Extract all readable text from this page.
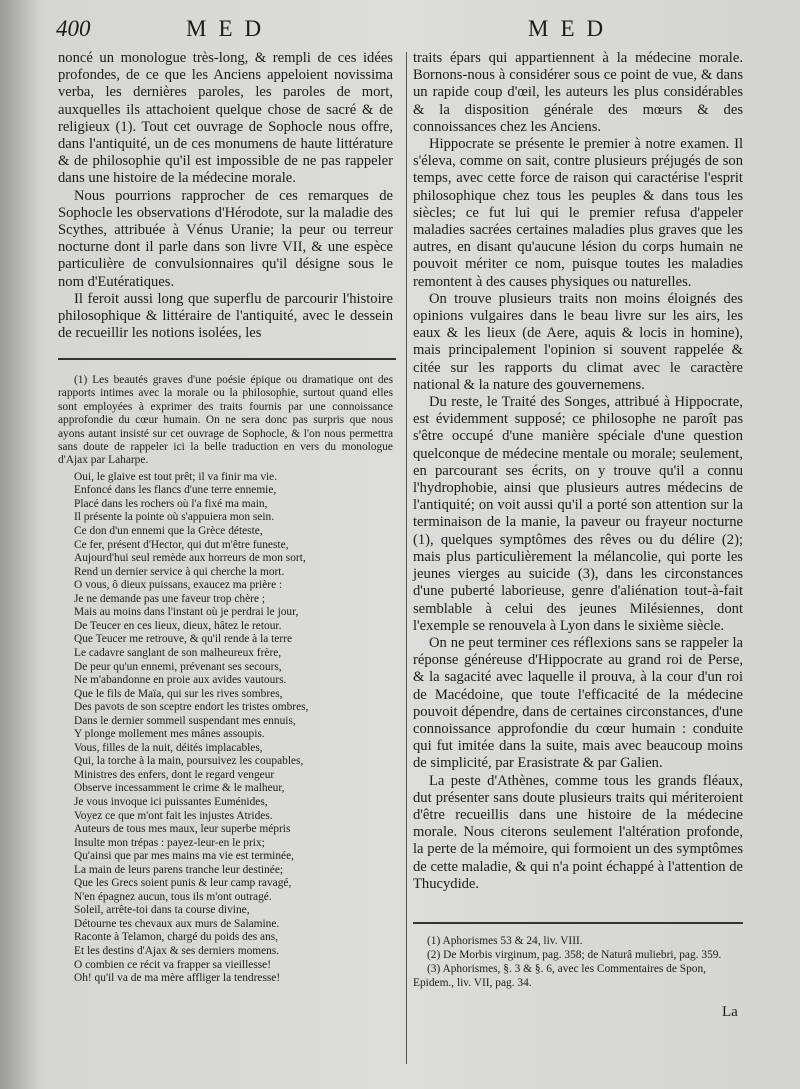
400	MED	MED

noncé un monologue très-long, & rempli de ces idées profondes, de ce que les Anciens appeloient novissima verba, les dernières paroles, les paroles de mort, auxquelles ils attachoient quelque chose de sacré & de religieux (1). Tout cet ouvrage de Sophocle nous offre, dans l'antiquité, un de ces monumens de haute littérature & de philosophie qu'il est impossible de ne pas rappeler dans une histoire de la médecine morale.

Nous pourrions rapprocher de ces remarques de Sophocle les observations d'Hérodote, sur la maladie des Scythes, attribuée à Vénus Uranie; la peur ou terreur nocturne dont il parle dans son livre VII, & une espèce particulière de convulsionnaires qu'il désigne sous le nom d'Eutératiques.

Il feroit aussi long que superflu de parcourir l'histoire philosophique & littéraire de l'antiquité, avec le dessein de recueillir les notions isolées, les

(1) Les beautés graves d'une poésie épique ou dramatique ont des rapports intimes avec la morale ou la philosophie, surtout quand elles sont employées à exprimer des traits fournis par une connoissance approfondie du cœur humain. On ne sera donc pas surpris que nous ayons autant insisté sur cet ouvrage de Sophocle, & l'on nous permettra sans doute de rappeler ici la belle traduction en vers du monologue d'Ajax par Laharpe.
Oui, le glaive est tout prêt; il va finir ma vie.
Enfoncé dans les flancs d'une terre ennemie,
Placé dans les rochers où l'a fixé ma main,
Il présente la pointe où s'appuiera mon sein.
Ce don d'un ennemi que la Grèce déteste,
Ce fer, présent d'Hector, qui dut m'être funeste,
Aujourd'hui seul remède aux horreurs de mon sort,
Rend un dernier service à qui cherche la mort.
O vous, ô dieux puissans, exaucez ma prière :
Je ne demande pas une faveur trop chère ;
Mais au moins dans l'instant où je perdrai le jour,
De Teucer en ces lieux, dieux, hâtez le retour.
Que Teucer me retrouve, & qu'il rende à la terre
Le cadavre sanglant de son malheureux frère,
De peur qu'un ennemi, prévenant ses secours,
Ne m'abandonne en proie aux avides vautours.
Que le fils de Maïa, qui sur les rives sombres,
Des pavots de son sceptre endort les tristes ombres,
Dans le dernier sommeil suspendant mes ennuis,
Y plonge mollement mes mânes assoupis.
Vous, filles de la nuit, déités implacables,
Qui, la torche à la main, poursuivez les coupables,
Ministres des enfers, dont le regard vengeur
Observe incessamment le crime & le malheur,
Je vous invoque ici puissantes Euménides,
Voyez ce que m'ont fait les injustes Atrides.
Auteurs de tous mes maux, leur superbe mépris
Insulte mon trépas : payez-leur-en le prix;
Qu'ainsi que par mes mains ma vie est terminée,
La main de leurs parens tranche leur destinée;
Que les Grecs soient punis & leur camp ravagé,
N'en épagnez aucun, tous ils m'ont outragé.
Soleil, arrête-toi dans ta course divine,
Détourne tes chevaux aux murs de Salamine.
Raconte à Telamon, chargé du poids des ans,
Et les destins d'Ajax & ses derniers momens.
O combien ce récit va frapper sa vieillesse!
Oh! qu'il va de ma mère affliger la tendresse!

traits épars qui appartiennent à la médecine morale. Bornons-nous à considérer sous ce point de vue, & dans un rapide coup d'œil, les auteurs les plus considérables & la disposition générale des mœurs & des connoissances chez les Anciens.

Hippocrate se présente le premier à notre examen. Il s'éleva, comme on sait, contre plusieurs préjugés de son temps, avec cette force de raison qui caractérise l'esprit philosophique chez tous les peuples & dans tous les siècles; ce fut lui qui le premier refusa d'appeler maladies sacrées certaines maladies plus graves que les autres, en disant qu'aucune lésion du corps humain ne pouvoit mériter ce nom, puisque toutes les maladies remontent à des causes physiques ou naturelles.

On trouve plusieurs traits non moins éloignés des opinions vulgaires dans le beau livre sur les airs, les eaux & les lieux (de Aere, aquis & locis in homine), mais principalement l'opinion si souvent rappelée & citée sur les rapports du climat avec le caractère national & la nature des gouvernemens.

Du reste, le Traité des Songes, attribué à Hippocrate, est évidemment supposé; ce philosophe ne paroît pas s'être occupé d'une manière spéciale d'une question quelconque de médecine mentale ou morale; seulement, en parcourant ses écrits, on y trouve qu'il a connu l'hydrophobie, ainsi que plusieurs autres médecins de l'antiquité; on voit aussi qu'il a porté son attention sur la terminaison de la manie, la paveur ou frayeur nocturne (1), quelques symptômes des rêves ou du délire (2); mais plus particulièrement la mélancolie, qui porte les jeunes vierges au suicide (3), dans les circonstances d'une puberté laborieuse, genre d'aliénation tout-à-fait semblable à celui des jeunes Milésiennes, dont l'exemple se renouvela à Lyon dans le sixième siècle.

On ne peut terminer ces réflexions sans se rappeler la réponse généreuse d'Hippocrate au grand roi de Perse, & la sagacité avec laquelle il prouva, à la cour d'un roi de Macédoine, que toute l'efficacité de la médecine pouvoit dépendre, dans de certaines circonstances, d'une connoissance approfondie du cœur humain : conduite qui fut imitée dans la suite, mais avec beaucoup moins de simplicité, par Erasistrate & par Galien.

La peste d'Athènes, comme tous les grands fléaux, dut présenter sans doute plusieurs traits qui mériteroient d'être recueillis dans une histoire de la médecine morale. Nous citerons seulement l'altération profonde, la perte de la mémoire, qui formoient un des symptômes de cette maladie, & qui n'a point échappé à l'attention de Thucydide.

(1) Aphorismes 53 & 24, liv. VIII.
(2) De Morbis virginum, pag. 358; de Naturâ muliebri, pag. 359.
(3) Aphorismes, §. 3 & §. 6, avec les Commentaires de Spon, Epidem., liv. VII, pag. 34.
La
